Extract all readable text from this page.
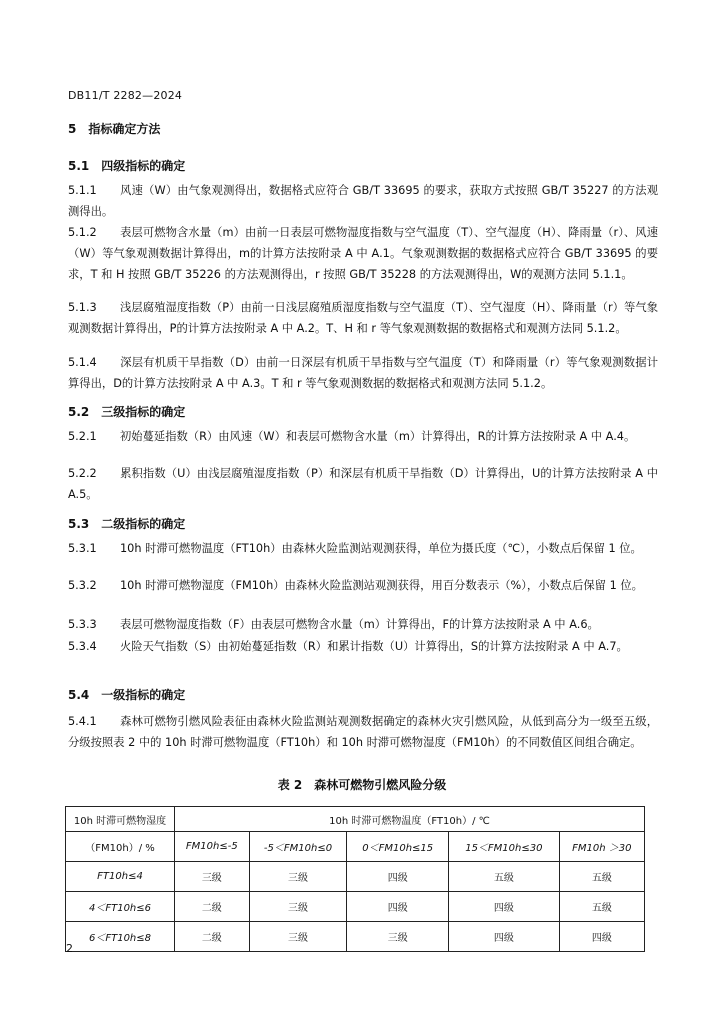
DB11/T 2282—2024
5　指标确定方法
5.1　四级指标的确定

5.1.1 风速（W）由气象观测得出，数据格式应符合 GB/T 33695 的要求，获取方式按照 GB/T 35227 的方法观测得出。

5.1.2 表层可燃物含水量（m）由前一日表层可燃物湿度指数与空气温度（T）、空气湿度（H）、降雨量（r）、风速（W）等气象观测数据计算得出，m的计算方法按附录 A 中 A.1。气象观测数据的数据格式应符合 GB/T 33695 的要求，T 和 H 按照 GB/T 35226 的方法观测得出，r 按照 GB/T 35228 的方法观测得出，W的观测方法同 5.1.1。

5.1.3 浅层腐殖湿度指数（P）由前一日浅层腐殖质湿度指数与空气温度（T）、空气湿度（H）、降雨量（r）等气象观测数据计算得出，P的计算方法按附录 A 中 A.2。T、H 和 r 等气象观测数据的数据格式和观测方法同 5.1.2。

5.1.4 深层有机质干旱指数（D）由前一日深层有机质干旱指数与空气温度（T）和降雨量（r）等气象观测数据计算得出，D的计算方法按附录 A 中 A.3。T 和 r 等气象观测数据的数据格式和观测方法同 5.1.2。

5.2　三级指标的确定

5.2.1 初始蔓延指数（R）由风速（W）和表层可燃物含水量（m）计算得出，R的计算方法按附录 A 中 A.4。

5.2.2 累积指数（U）由浅层腐殖湿度指数（P）和深层有机质干旱指数（D）计算得出，U的计算方法按附录 A 中 A.5。

5.3　二级指标的确定

5.3.1 10h 时滞可燃物温度（FT10h）由森林火险监测站观测获得，单位为摄氏度（℃），小数点后保留 1 位。

5.3.2 10h 时滞可燃物湿度（FM10h）由森林火险监测站观测获得，用百分数表示（%），小数点后保留 1 位。

5.3.3 表层可燃物湿度指数（F）由表层可燃物含水量（m）计算得出，F的计算方法按附录 A 中 A.6。

5.3.4 火险天气指数（S）由初始蔓延指数（R）和累计指数（U）计算得出，S的计算方法按附录 A 中 A.7。

5.4　一级指标的确定

5.4.1 森林可燃物引燃风险表征由森林火险监测站观测数据确定的森林火灾引燃风险，从低到高分为一级至五级，分级按照表 2 中的 10h 时滞可燃物温度（FT10h）和 10h 时滞可燃物湿度（FM10h）的不同数值区间组合确定。

表 2　森林可燃物引燃风险分级
10h 时滞可燃物湿度	10h 时滞可燃物温度（FT10h）/ ℃				
（FM10h）/ %	FM10h≤-5	-5＜FM10h≤0	0＜FM10h≤15	15＜FM10h≤30	FM10h ＞30
FT10h≤4	三级	三级	四级	五级	五级
4＜FT10h≤6	二级	三级	四级	四级	五级
6＜FT10h≤8	二级	三级	三级	四级	四级
2
